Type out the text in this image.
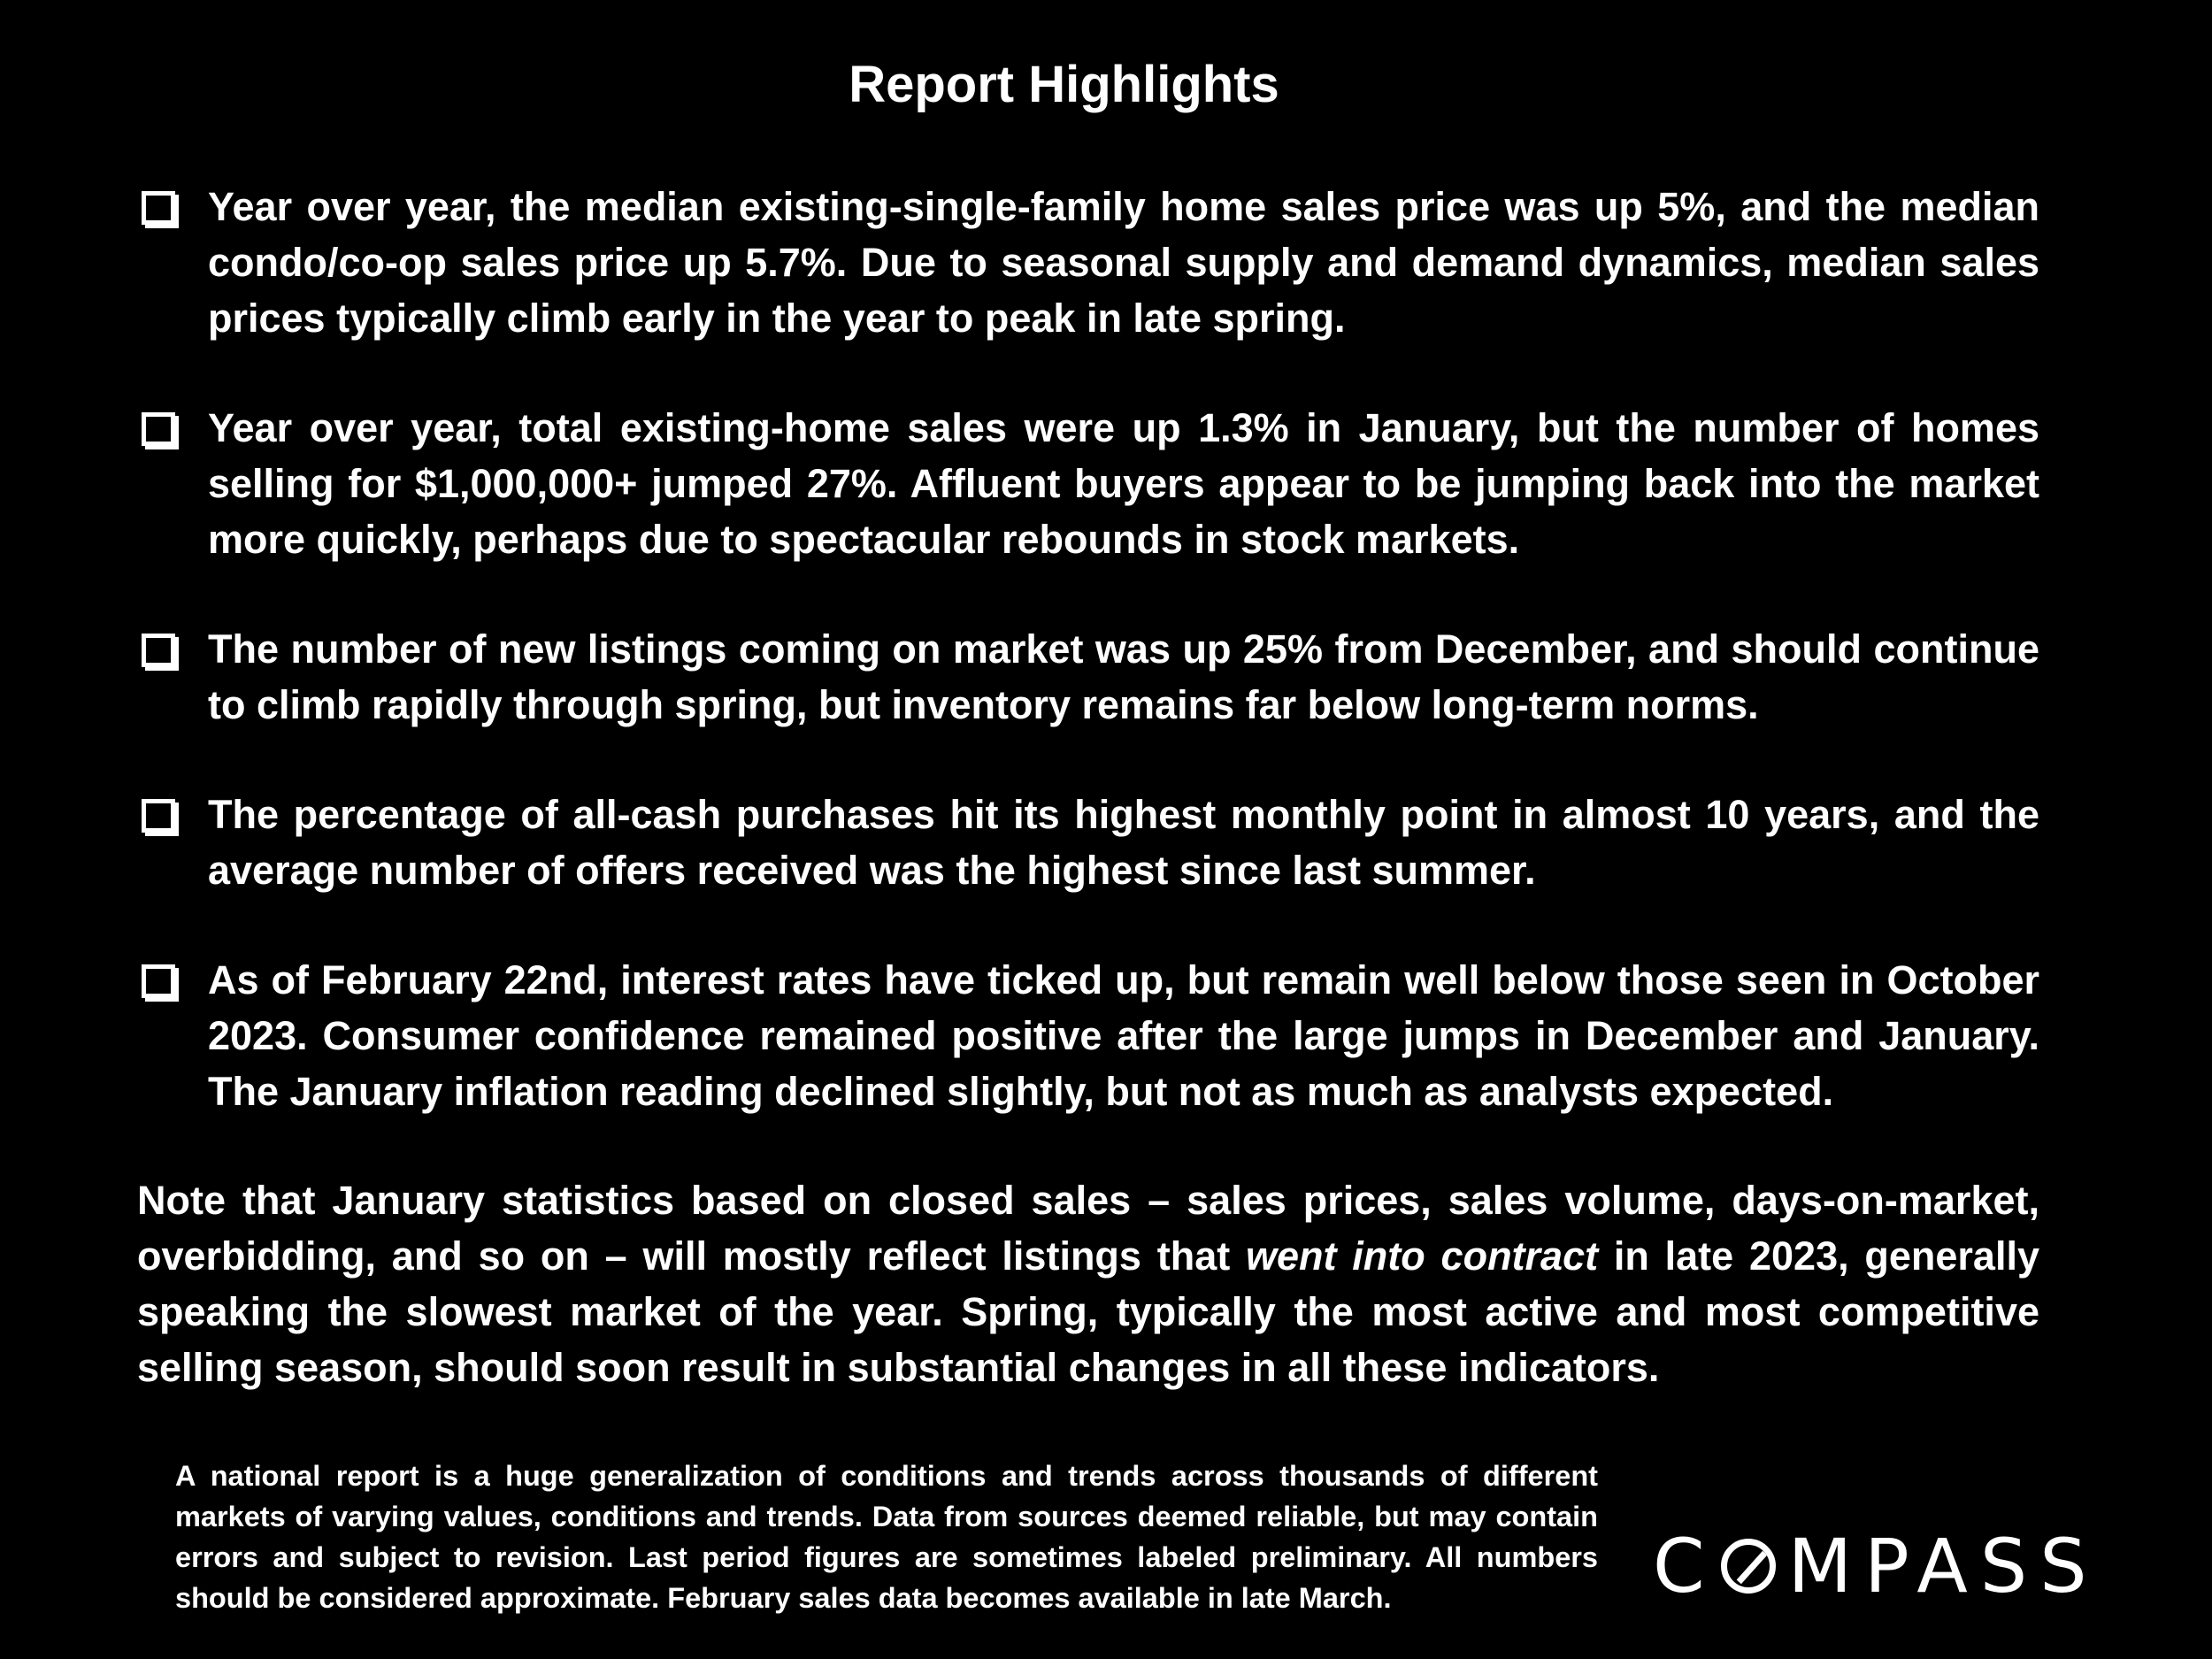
Report Highlights
Year over year, the median existing-single-family home sales price was up 5%, and the median condo/co-op sales price up 5.7%. Due to seasonal supply and demand dynamics, median sales prices typically climb early in the year to peak in late spring.
Year over year, total existing-home sales were up 1.3% in January, but the number of homes selling for $1,000,000+ jumped 27%. Affluent buyers appear to be jumping back into the market more quickly, perhaps due to spectacular rebounds in stock markets.
The number of new listings coming on market was up 25% from December, and should continue to climb rapidly through spring, but inventory remains far below long-term norms.
The percentage of all-cash purchases hit its highest monthly point in almost 10 years, and the average number of offers received was the highest since last summer.
As of February 22nd, interest rates have ticked up, but remain well below those seen in October 2023. Consumer confidence remained positive after the large jumps in December and January. The January inflation reading declined slightly, but not as much as analysts expected.
Note that January statistics based on closed sales – sales prices, sales volume, days-on-market, overbidding, and so on – will mostly reflect listings that went into contract in late 2023, generally speaking the slowest market of the year. Spring, typically the most active and most competitive selling season, should soon result in substantial changes in all these indicators.
A national report is a huge generalization of conditions and trends across thousands of different markets of varying values, conditions and trends. Data from sources deemed reliable, but may contain errors and subject to revision. Last period figures are sometimes labeled preliminary. All numbers should be considered approximate. February sales data becomes available in late March.	C MPASS
